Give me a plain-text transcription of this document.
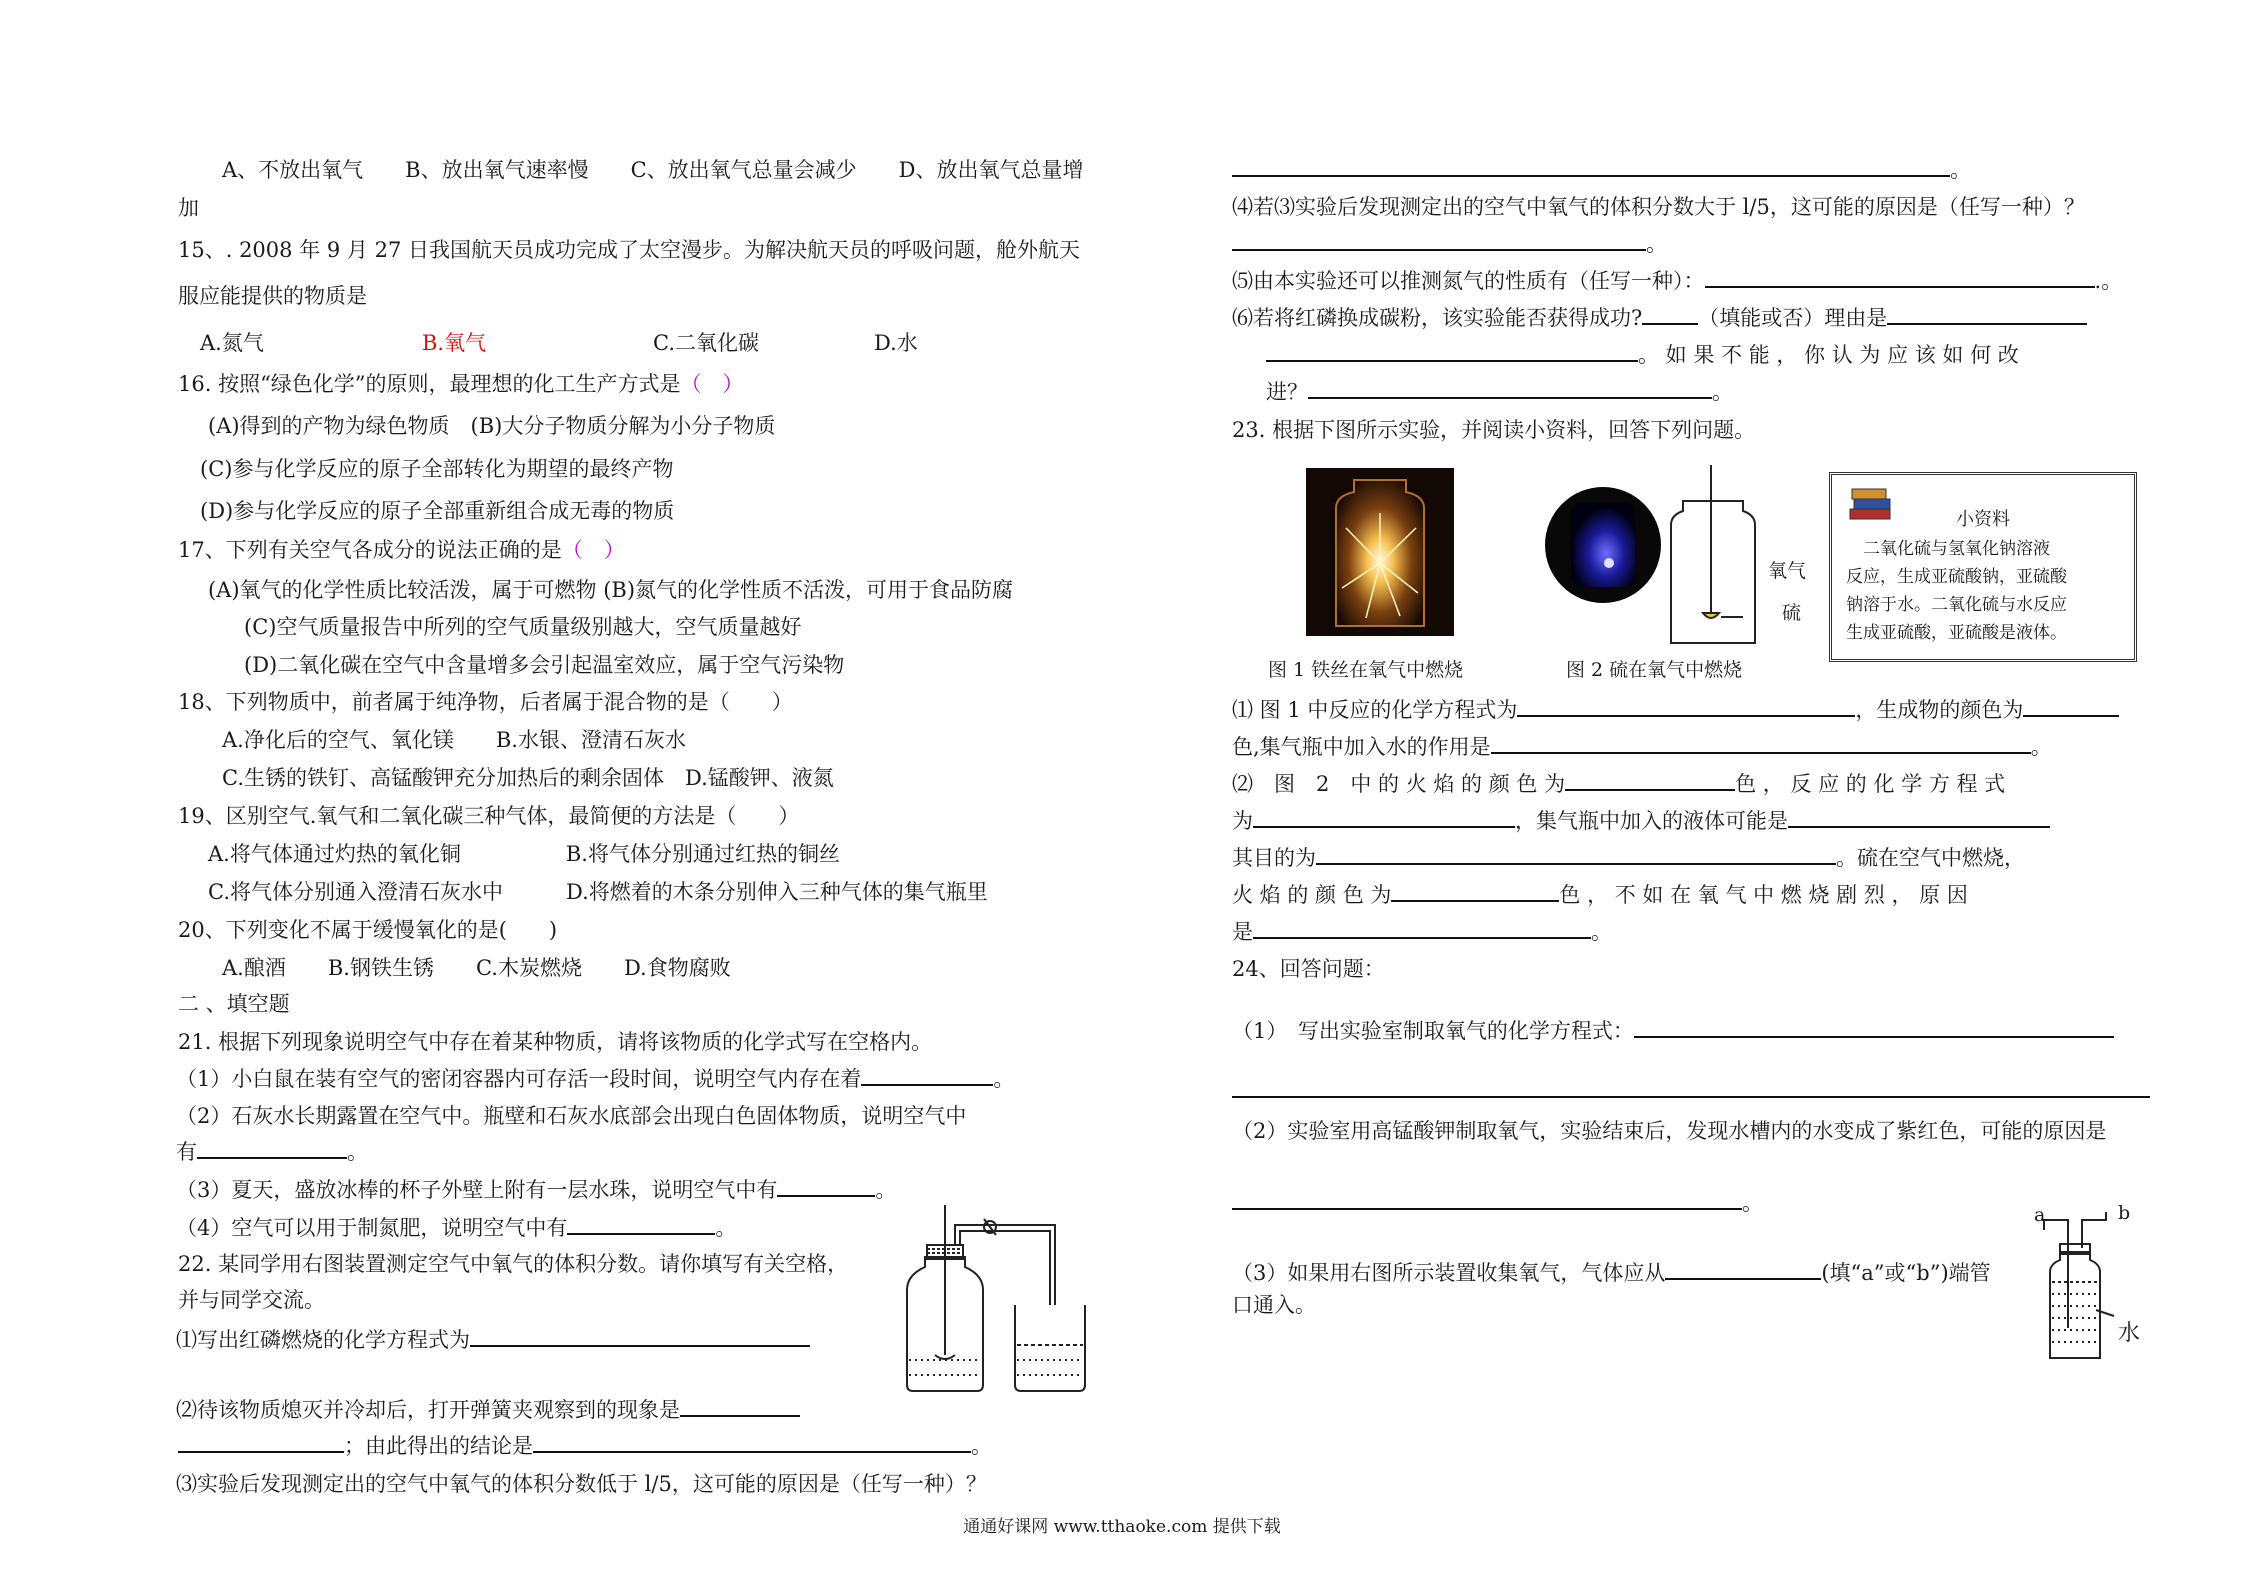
A、不放出氧气　　B、放出氧气速率慢　　C、放出氧气总量会减少　　D、放出氧气总量增
加
15、. 2008 年 9 月 27 日我国航天员成功完成了太空漫步。为解决航天员的呼吸问题，舱外航天
服应能提供的物质是
A.氮气	B.氧气	C.二氧化碳	D.水
16. 按照“绿色化学”的原则，最理想的化工生产方式是（　）
(A)得到的产物为绿色物质　(B)大分子物质分解为小分子物质
(C)参与化学反应的原子全部转化为期望的最终产物
(D)参与化学反应的原子全部重新组合成无毒的物质
17、下列有关空气各成分的说法正确的是（　）
(A)氧气的化学性质比较活泼，属于可燃物 (B)氮气的化学性质不活泼，可用于食品防腐
(C)空气质量报告中所列的空气质量级别越大，空气质量越好
(D)二氧化碳在空气中含量增多会引起温室效应，属于空气污染物
18、下列物质中，前者属于纯净物，后者属于混合物的是（　　）
A.净化后的空气、氧化镁　　B.水银、澄清石灰水
C.生锈的铁钉、高锰酸钾充分加热后的剩余固体　D.锰酸钾、液氮
19、区别空气.氧气和二氧化碳三种气体，最简便的方法是（　　）
A.将气体通过灼热的氧化铜　　　　　B.将气体分别通过红热的铜丝
C.将气体分别通入澄清石灰水中　　　D.将燃着的木条分别伸入三种气体的集气瓶里
20、下列变化不属于缓慢氧化的是(　　)
A.酿酒　　B.钢铁生锈　　C.木炭燃烧　　D.食物腐败
二 、填空题
21. 根据下列现象说明空气中存在着某种物质，请将该物质的化学式写在空格内。
（1）小白鼠在装有空气的密闭容器内可存活一段时间，说明空气内存在着	。
（2）石灰水长期露置在空气中。瓶壁和石灰水底部会出现白色固体物质，说明空气中
有	。
（3）夏天，盛放冰棒的杯子外壁上附有一层水珠，说明空气中有	。
（4）空气可以用于制氮肥，说明空气中有	。
22. 某同学用右图装置测定空气中氧气的体积分数。请你填写有关空格，
并与同学交流。
⑴写出红磷燃烧的化学方程式为
⑵待该物质熄灭并冷却后，打开弹簧夹观察到的现象是
；由此得出的结论是	。
⑶实验后发现测定出的空气中氧气的体积分数低于 l/5，这可能的原因是（任写一种）？
。
⑷若⑶实验后发现测定出的空气中氧气的体积分数大于 l/5，这可能的原因是（任写一种）？
。
⑸由本实验还可以推测氮气的性质有（任写一种）：	.。
⑹若将红磷换成碳粉，该实验能否获得成功?	（填能或否）理由是
。 如 果 不 能 ， 你 认 为 应 该 如 何 改
进？	。
23. 根据下图所示实验，并阅读小资料，回答下列问题。
氧气
硫
图 1 铁丝在氧气中燃烧	图 2 硫在氧气中燃烧
小资料
　二氧化硫与氢氧化钠溶液
反应，生成亚硫酸钠，亚硫酸
钠溶于水。二氧化硫与水反应
生成亚硫酸，亚硫酸是液体。
⑴ 图 1 中反应的化学方程式为	，生成物的颜色为
色,集气瓶中加入水的作用是	。
⑵　图　2　中 的 火 焰 的 颜 色 为	色 ， 反 应 的 化 学 方 程 式
为	，集气瓶中加入的液体可能是
其目的为	。硫在空气中燃烧，
火 焰 的 颜 色 为	色 ， 不 如 在 氧 气 中 燃 烧 剧 烈 ， 原 因
是	。
24、回答问题：
（1）　写出实验室制取氧气的化学方程式：
（2）实验室用高锰酸钾制取氧气，实验结束后，发现水槽内的水变成了紫红色，可能的原因是
。
（3）如果用右图所示装置收集氧气，气体应从	(填“a”或“b”)端管
口通入。
a	b
水
通通好课网 www.tthaoke.com 提供下载
